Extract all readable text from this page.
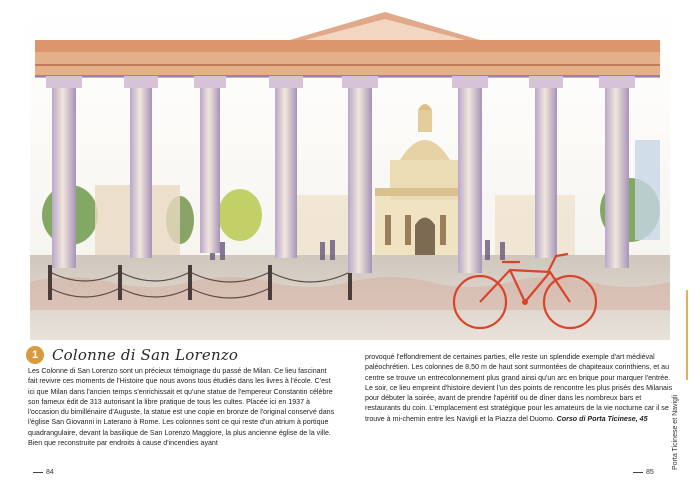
1 Colonne di San Lorenzo
Les Colonne di San Lorenzo sont un précieux témoignage du passé de Milan. Ce lieu fascinant fait revivre ces moments de l'Histoire que nous avons tous étudiés dans les livres à l'école. C'est ici que Milan dans l'ancien temps s'enrichissait et qu'une statue de l'empereur Constantin célèbre son fameux édit de 313 autorisant la libre pratique de tous les cultes. Placée ici en 1937 à l'occasion du bimillénaire d'Auguste, la statue est une copie en bronze de l'original conservé dans l'église San Giovanni in Laterano à Rome. Les colonnes sont ce qui reste d'un atrium à portique quadrangulaire, devant la basilique de San Lorenzo Maggiore, la plus ancienne église de la ville. Bien que reconstruite par endroits à cause d'incendies ayant
provoqué l'effondrement de certaines parties, elle reste un splendide exemple d'art médiéval paléochrétien. Les colonnes de 8,50 m de haut sont surmontées de chapiteaux corinthiens, et au centre se trouve un entrecolonnement plus grand ainsi qu'un arc en brique pour marquer l'entrée. Le soir, ce lieu empreint d'histoire devient l'un des points de rencontre les plus prisés des Milanais pour débuter la soirée, avant de prendre l'apéritif ou de dîner dans les nombreux bars et restaurants du coin. L'emplacement est stratégique pour les amateurs de la vie nocturne car il se trouve à mi-chemin entre les Navigli et la Piazza del Duomo. Corso di Porta Ticinese, 45
84	85
Porta Ticinese et Navigli
